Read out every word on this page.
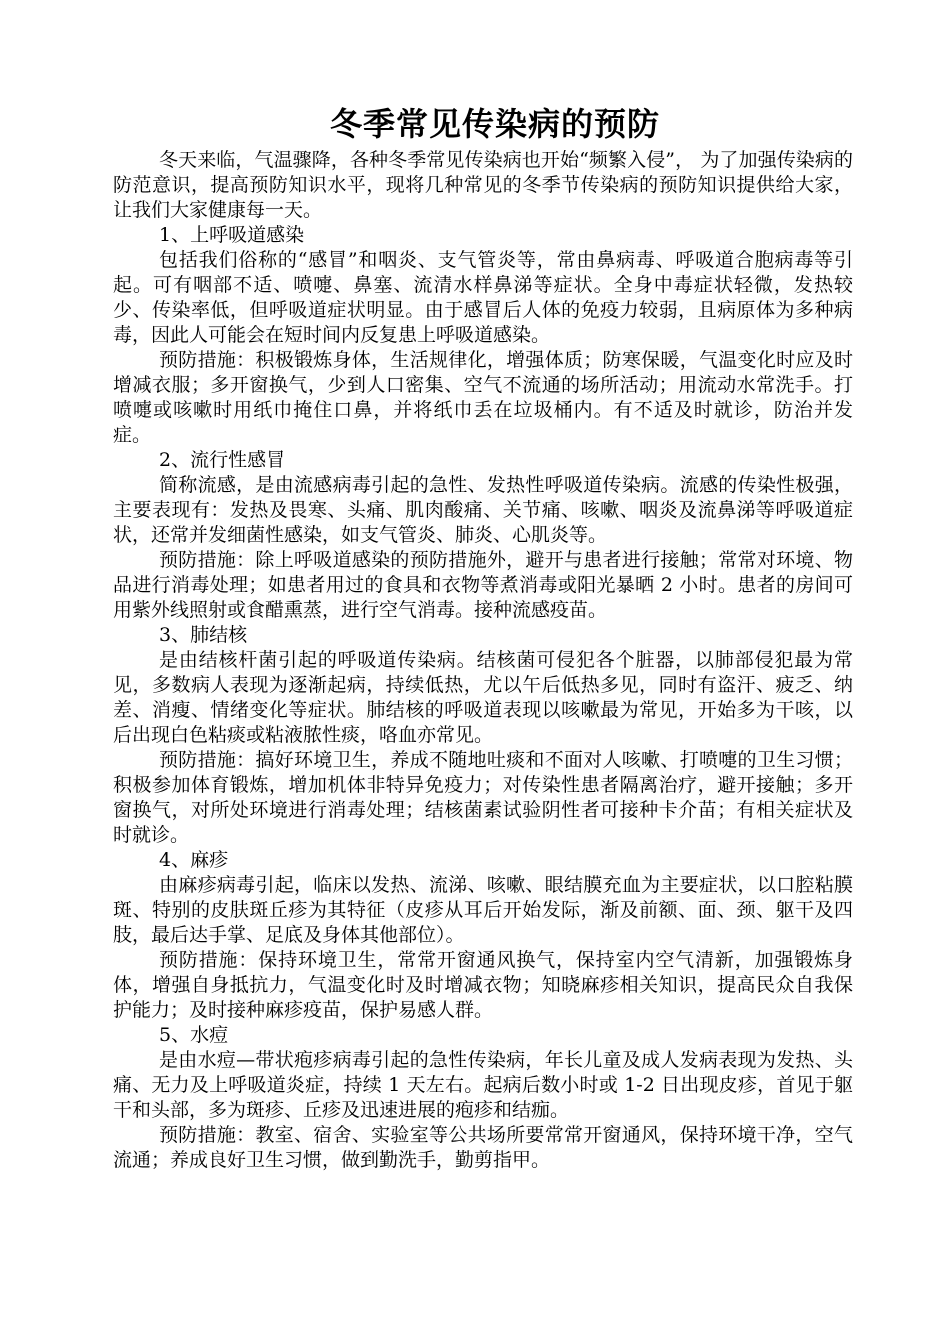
冬季常见传染病的预防

冬天来临，气温骤降，各种冬季常见传染病也开始“频繁入侵”， 为了加强传染病的防范意识，提高预防知识水平，现将几种常见的冬季节传染病的预防知识提供给大家，让我们大家健康每一天。

1、上呼吸道感染

包括我们俗称的“感冒”和咽炎、支气管炎等，常由鼻病毒、呼吸道合胞病毒等引起。可有咽部不适、喷嚏、鼻塞、流清水样鼻涕等症状。全身中毒症状轻微，发热较少、传染率低，但呼吸道症状明显。由于感冒后人体的免疫力较弱，且病原体为多种病毒，因此人可能会在短时间内反复患上呼吸道感染。

预防措施：积极锻炼身体，生活规律化，增强体质；防寒保暖，气温变化时应及时增减衣服；多开窗换气，少到人口密集、空气不流通的场所活动；用流动水常洗手。打喷嚏或咳嗽时用纸巾掩住口鼻，并将纸巾丢在垃圾桶内。有不适及时就诊，防治并发症。

2、流行性感冒

简称流感，是由流感病毒引起的急性、发热性呼吸道传染病。流感的传染性极强，主要表现有：发热及畏寒、头痛、肌肉酸痛、关节痛、咳嗽、咽炎及流鼻涕等呼吸道症状，还常并发细菌性感染，如支气管炎、肺炎、心肌炎等。

预防措施：除上呼吸道感染的预防措施外，避开与患者进行接触；常常对环境、物品进行消毒处理；如患者用过的食具和衣物等煮消毒或阳光暴晒 2 小时。患者的房间可用紫外线照射或食醋熏蒸，进行空气消毒。接种流感疫苗。

3、肺结核

是由结核杆菌引起的呼吸道传染病。结核菌可侵犯各个脏器，以肺部侵犯最为常见，多数病人表现为逐渐起病，持续低热，尤以午后低热多见，同时有盗汗、疲乏、纳差、消瘦、情绪变化等症状。肺结核的呼吸道表现以咳嗽最为常见，开始多为干咳，以后出现白色粘痰或粘液脓性痰，咯血亦常见。

预防措施：搞好环境卫生，养成不随地吐痰和不面对人咳嗽、打喷嚏的卫生习惯；积极参加体育锻炼，增加机体非特异免疫力；对传染性患者隔离治疗，避开接触；多开窗换气，对所处环境进行消毒处理；结核菌素试验阴性者可接种卡介苗；有相关症状及时就诊。

4、麻疹

由麻疹病毒引起，临床以发热、流涕、咳嗽、眼结膜充血为主要症状，以口腔粘膜斑、特别的皮肤斑丘疹为其特征（皮疹从耳后开始发际，渐及前额、面、颈、躯干及四肢，最后达手掌、足底及身体其他部位）。

预防措施：保持环境卫生，常常开窗通风换气，保持室内空气清新，加强锻炼身体，增强自身抵抗力，气温变化时及时增减衣物；知晓麻疹相关知识，提高民众自我保护能力；及时接种麻疹疫苗，保护易感人群。

5、水痘

是由水痘—带状疱疹病毒引起的急性传染病，年长儿童及成人发病表现为发热、头痛、无力及上呼吸道炎症，持续 1 天左右。起病后数小时或 1-2 日出现皮疹，首见于躯干和头部，多为斑疹、丘疹及迅速进展的疱疹和结痂。

预防措施：教室、宿舍、实验室等公共场所要常常开窗通风，保持环境干净，空气流通；养成良好卫生习惯，做到勤洗手，勤剪指甲。
